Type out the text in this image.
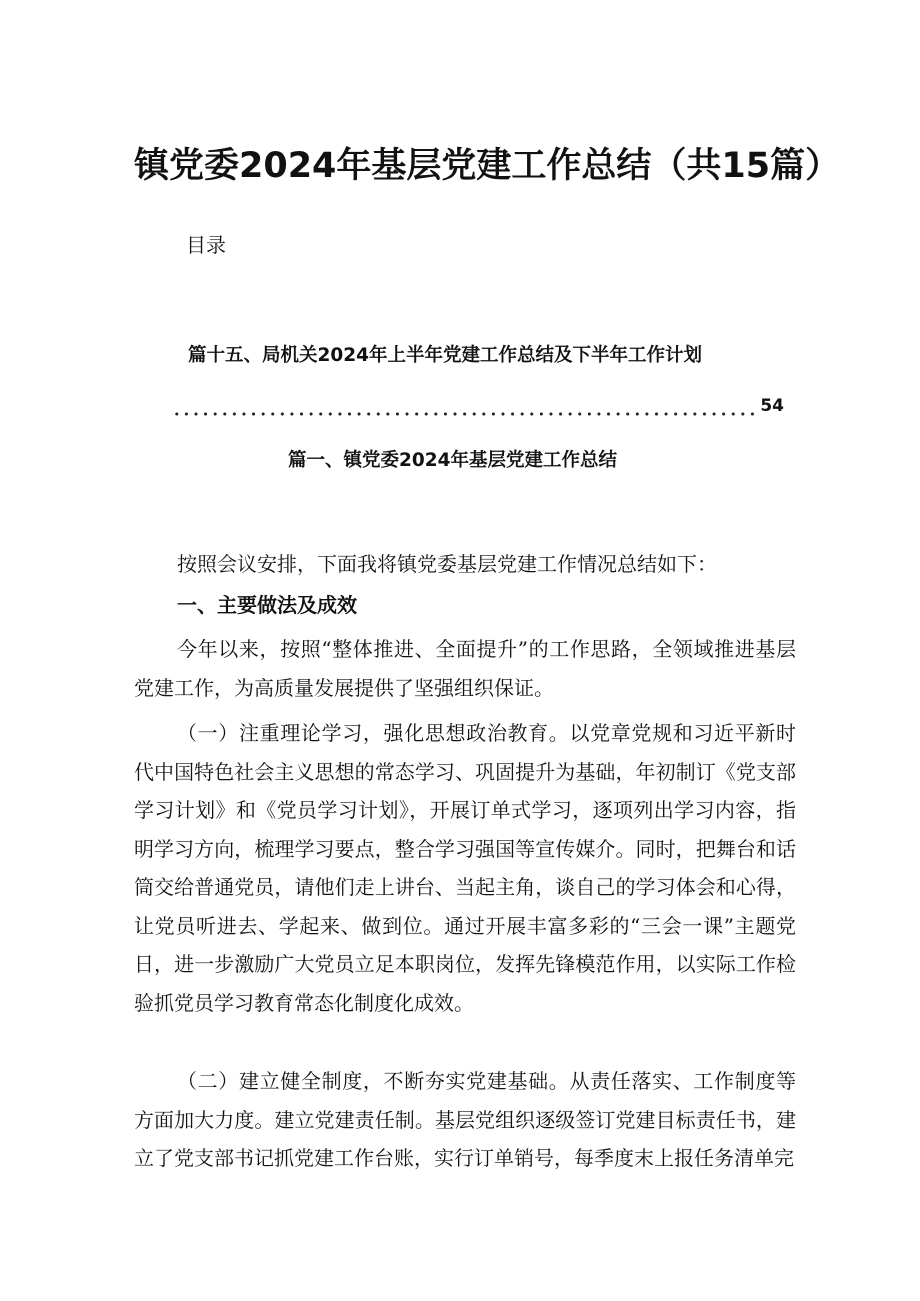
镇党委2024年基层党建工作总结（共15篇）
目录
篇十五、局机关2024年上半年党建工作总结及下半年工作计划
54
篇一、镇党委2024年基层党建工作总结
按照会议安排，下面我将镇党委基层党建工作情况总结如下：
一、主要做法及成效
今年以来，按照“整体推进、全面提升”的工作思路，全领域推进基层党建工作，为高质量发展提供了坚强组织保证。
（一）注重理论学习，强化思想政治教育。以党章党规和习近平新时代中国特色社会主义思想的常态学习、巩固提升为基础，年初制订《党支部学习计划》和《党员学习计划》，开展订单式学习，逐项列出学习内容，指明学习方向，梳理学习要点，整合学习强国等宣传媒介。同时，把舞台和话筒交给普通党员，请他们走上讲台、当起主角，谈自己的学习体会和心得，让党员听进去、学起来、做到位。通过开展丰富多彩的“三会一课”主题党日，进一步激励广大党员立足本职岗位，发挥先锋模范作用，以实际工作检验抓党员学习教育常态化制度化成效。
（二）建立健全制度，不断夯实党建基础。从责任落实、工作制度等方面加大力度。建立党建责任制。基层党组织逐级签订党建目标责任书，建立了党支部书记抓党建工作台账，实行订单销号，每季度末上报任务清单完
